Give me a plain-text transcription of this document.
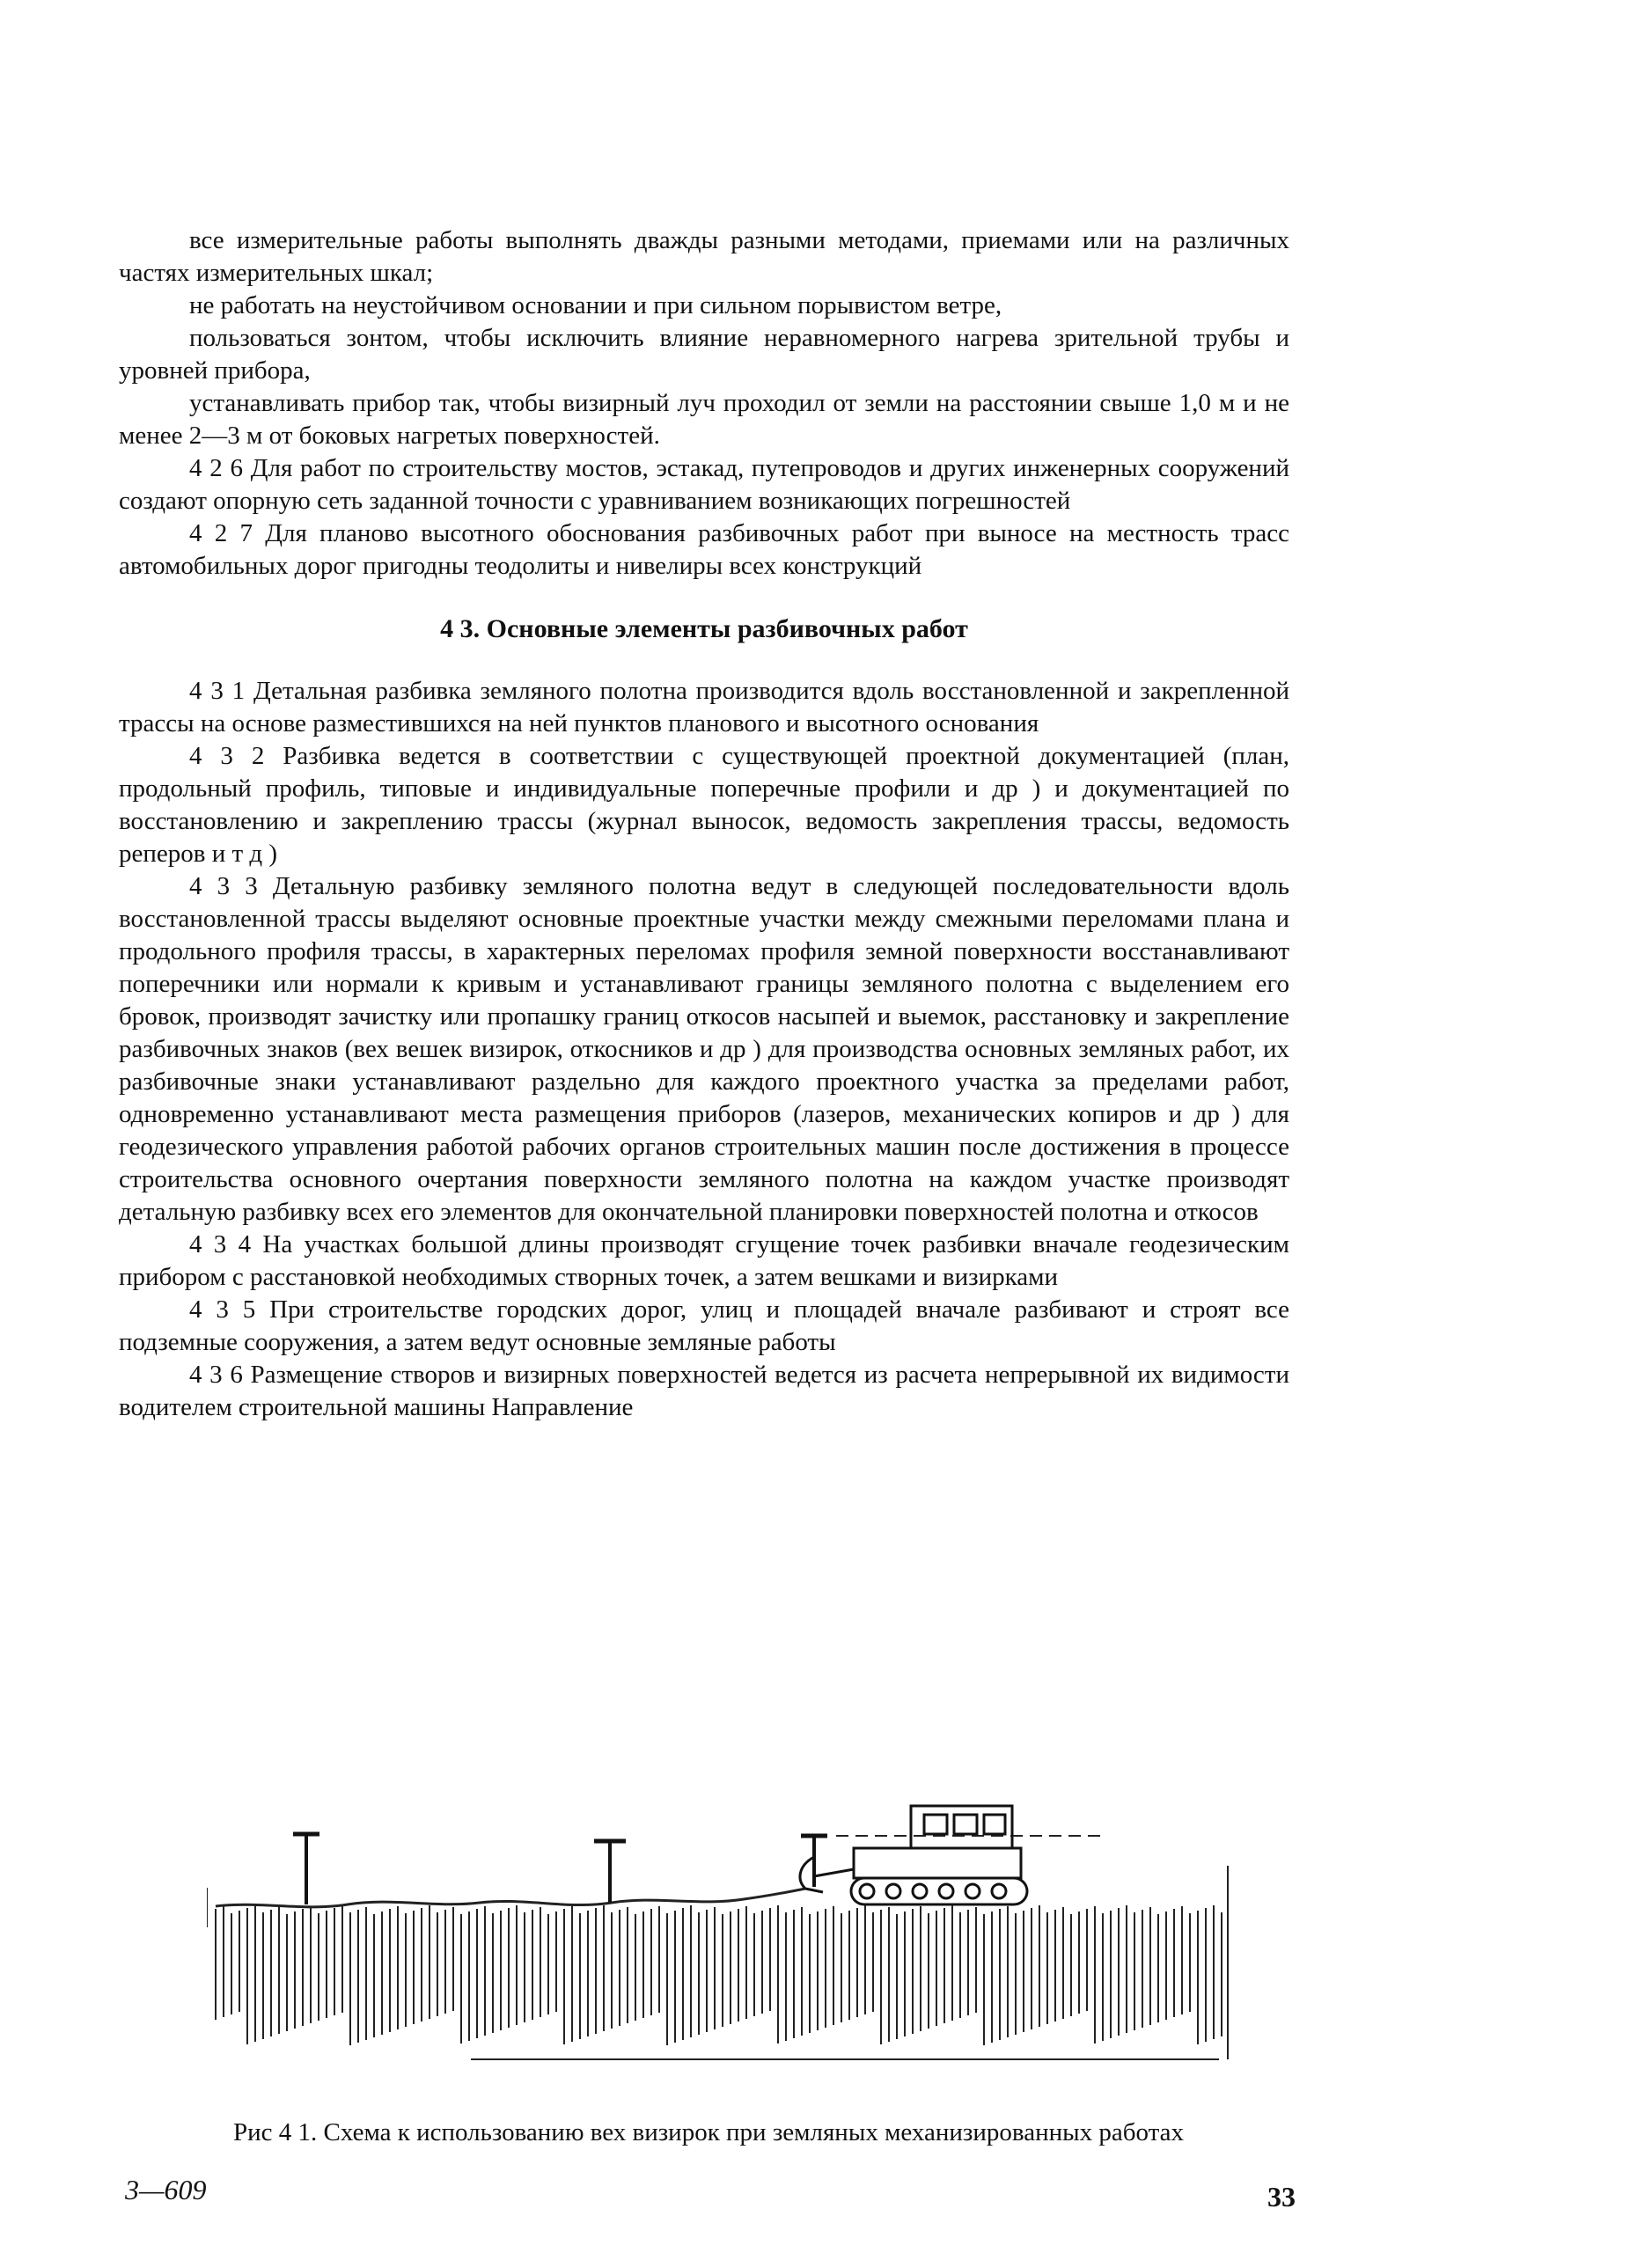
все измерительные работы выполнять дважды разными методами, приемами или на различных частях измерительных шкал;

не работать на неустойчивом основании и при сильном порывистом ветре,

пользоваться зонтом, чтобы исключить влияние неравномерного нагрева зрительной трубы и уровней прибора,

устанавливать прибор так, чтобы визирный луч проходил от земли на расстоянии свыше 1,0 м и не менее 2—3 м от боковых нагретых поверхностей.

4 2 6 Для работ по строительству мостов, эстакад, путепроводов и других инженерных сооружений создают опорную сеть заданной точности с уравниванием возникающих погрешностей

4 2 7 Для планово высотного обоснования разбивочных работ при выносе на местность трасс автомобильных дорог пригодны теодолиты и нивелиры всех конструкций

4 3. Основные элементы разбивочных работ

4 3 1 Детальная разбивка земляного полотна производится вдоль восстановленной и закрепленной трассы на основе разместившихся на ней пунктов планового и высотного основания

4 3 2 Разбивка ведется в соответствии с существующей проектной документацией (план, продольный профиль, типовые и индивидуальные поперечные профили и др ) и документацией по восстановлению и закреплению трассы (журнал выносок, ведомость закрепления трассы, ведомость реперов и т д )

4 3 3 Детальную разбивку земляного полотна ведут в следующей последовательности вдоль восстановленной трассы выделяют основные проектные участки между смежными переломами плана и продольного профиля трассы, в характерных переломах профиля земной поверхности восстанавливают поперечники или нормали к кривым и устанавливают границы земляного полотна с выделением его бровок, производят зачистку или пропашку границ откосов насыпей и выемок, расстановку и закрепление разбивочных знаков (вех вешек визирок, откосников и др ) для производства основных земляных работ, их разбивочные знаки устанавливают раздельно для каждого проектного участка за пределами работ, одновременно устанавливают места размещения приборов (лазеров, механических копиров и др ) для геодезического управления работой рабочих органов строительных машин после достижения в процессе строительства основного очертания поверхности земляного полотна на каждом участке производят детальную разбивку всех его элементов для окончательной планировки поверхностей полотна и откосов

4 3 4 На участках большой длины производят сгущение точек разбивки вначале геодезическим прибором с расстановкой необходимых створных точек, а затем вешками и визирками

4 3 5 При строительстве городских дорог, улиц и площадей вначале разбивают и строят все подземные сооружения, а затем ведут основные земляные работы

4 3 6 Размещение створов и визирных поверхностей ведется из расчета непрерывной их видимости водителем строительной машины Направление

Рис 4 1. Схема к использованию вех визирок при земляных механизированных работах
3—609	33
